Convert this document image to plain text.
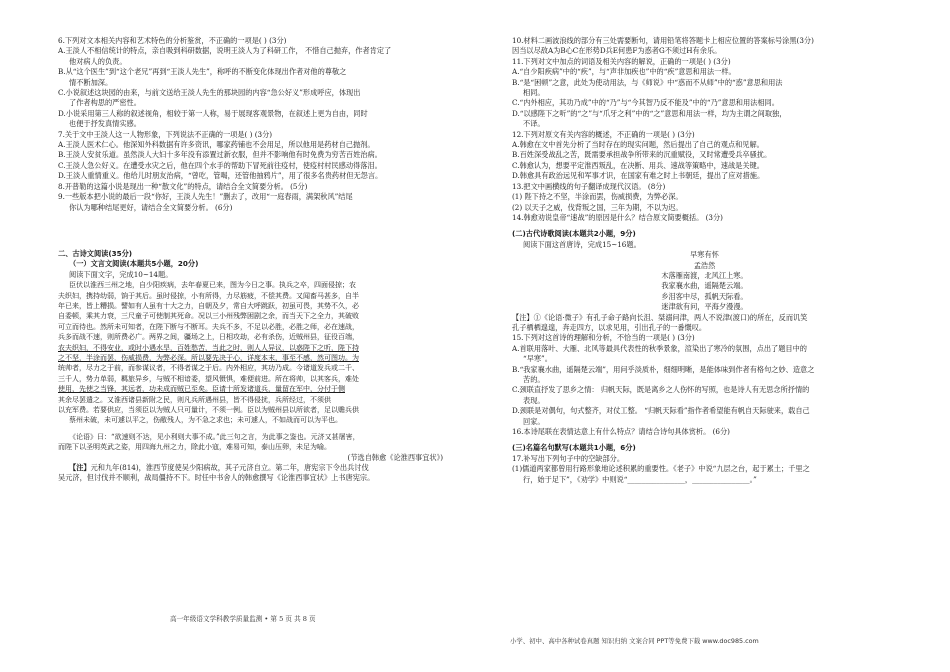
6.下列对文本相关内容和艺术特色的分析鉴赏，不正确的一项是( ) (3分)

A.王淡人不相信统计的特点，亲自吸到科研数据，说明王淡人为了科研工作， 不惜自己抛弃，作者肯定了

他对病人的负责。

B.从“这个医生”到“这个老兄”再到“王淡人先生”，称呼的不断变化体现出作者对他的尊敬之

情不断加深。

C.小说叙述这块园的由来，与前文送给王淡人先生的那块园的内容“急公好义”形成呼应，体现出

了作者构思的严密性。

D.小说采用第三人称的叙述视角，相较于第一人称，易于展现客观景物，在叙述上更为自由，同时

也便于抒发真情实感。

7.关于文中王淡人这一人物形象，下列说法不正确的一项是( ) (3分)

A.王淡人医术仁心。他深知外科数据有许多资讯，哪家药铺也不会用足，所以他用是药材自己抛剂。

B.王淡人安贫乐道。虽然淡人大妇十多年没有添置过新衣服，但并不影响他有时免费为穷苦百姓治病。

C.王淡人急公好义。在遭受水灾之后，他在四个水手的帮助下冒死前往疫村，使疫村村民感动得落泪。

D.王淡人重情重义。他给儿时朋友治病，“曾吃，管喝，还管他抽鸦片”，用了很多名贵药材但无怨言。

8.开普勒的这篇小说是现出一种“散文化”的特点，请结合全文简要分析。 (5分)

9.一些版本把小说的最后一段“你好，王淡人先生！”删去了，改用“一庭春雨，满架秋风”结尾

你认为哪种结尾更好，请结合全文简要分析。 (6分)

二、古诗文阅读(35分)

（一）文言文阅读(本题共5小题，20分)

阅读下面文字，完成10~14题。

臣伏以淮西三州之地，自少阳疾病，去年春夏已来，图为今日之事。执兵之卒，四面侵掠；农

夫织妇，携持幼弱，饷于其后。虽时侵掠，小有所得，力尽筋疲，不偿其费。又闻畜马甚多，自半

年已来，皆上糟损。譬如有人虽有十大之力，自朝及夕，常自大呼跳跃，初虽可畏，其势不久，必

自委顿，乘其力衰，三尺童子可使制其死命。况以三小州残弊困剧之余，而当天下之全力，其破败

可立而待也。然所未可知者，在陛下断与不断耳。夫兵不多，不足以必胜，必胜之师，必在速战，

兵多而战不速，则所费必广。两界之间，疆场之上，日相攻劫，必有杀伤，近贼州县，征役百端，

农夫织妇，不得安业，或时小遇水旱，百姓愁苦，当此之时，则人人异议，以惑陛下之听，陛下持

之不坚，半涂而罢，伤威损费，为弊必深。所以要先决于心，详度本末，事至不感，然可图功。为

统帅者，尽力之于前，而参谋议者，不得者谋之于后。内外相应，其功乃成。今诸道发兵或二千、

三千人，势力单弱，羁旅异乡，与贼不相谙委，望风慑惧，难便前进。所在将帅，以其客兵，难处

使用，先使之当锋，其远者，功未成而贼已至矣。臣请十所发诸道兵，量留在军中，分付于侧

其余尽罢遣之。又淮西诸县新附之民，则凡兵所遇州县，皆不得侵扰，兵所经过，不须供

以充军费。若要供应，当须臣以为贼人只可量计，不须一例。臣以为贼州县以所欲者，足以赡兵供

蔡州未破，未可遽以平之，伤敝残人，为不急之求也；未可遽人，不如战而可以为平也。

《论语》曰：“欲速则不达，见小利则大事不成。”此三句之言，为此事之鉴也。元济又甚屠害，

而陛下以圣明英武之姿，用四海九州之力，除此小寇，难易可知，泰山压卵，未足为喻。

(节选自韩愈《论淮西事宜状》)

【注】元和九年(814)，淮西节度使吴少阳病故，其子元济自立。第二年，唐宪宗下令出兵讨伐

吴元济，但讨伐并不顺利，战局僵持不下。时任中书舍人的韩愈撰写《论淮西事宜状》上书唐宪宗。

高一年级语文学科教学质量监测 • 第 5 页 共 8 页

10.材料二画波浪线的部分有三处需要断句，请用铅笔将答题卡上相应位置的答案标号涂黑(3分)

因当以尽敌A为B心C在形势D兵E何患F为惑者G不须过H有余乐。

11.下列对文中加点的词语及相关内容的解说，正确的一项是( ) (3分)

A.“自少阳疾病”中的“疾”，与“声非加疾也”中的“疾”意思和用法一样。

B.“是“困顿”之意，此处为使动用法，与《师说》中“惑而不从师”中的“惑”意思和用法

相同。

C.“内外相应，其功乃成”中的“乃”与“今其智乃反不能及”中的“乃”意思和用法相同。

D.“以感陛下之听”的“之”与“爪牙之利”中的“之”意思和用法一样，均为主谓之间取独，

不译。

12.下列对原文有关内容的概述，不正确的一项是( ) (3分)

A.韩愈在文中首先分析了当时存在的现实问题，然后提出了自己的观点和见解。

B.百姓深受战乱之苦，既需要承担战争所带来的沉重赋役，又时常遭受兵卒骚扰。

C.韩愈认为，想要平定淮西叛乱，在决断、用兵、速战等策略中，速战是关键。

D.韩愈具有政治远见和军事才识，在国家有难之时上书朝廷，提出了应对措施。

13.把文中画横线的句子翻译成现代汉语。 (8分)

(1) 陛下持之不坚，半涂而罢，伤威损费，为弊必深。

(2) 以天子之威，伐背叛之国，三年为期，不以为迟。

14.韩愈劝说皇帝“速战”的原因是什么？结合原文简要概括。 (3分)

(二)古代诗歌阅读(本题共2小题，9分)

阅读下面这首唐诗，完成15~16题。

早寒有怀

孟浩然

木落雁南渡，北风江上寒。

我家襄水曲，遥隔楚云端。

乡泪客中尽，孤帆天际看。

迷津欲有问，平海夕漫漫。

【注】①《论语·微子》有孔子命子路向长沮、桀溺问津，两人不说津(渡口)的所在，反而讥笑

孔子栖栖遑遑，奔走四方，以求见用，引出孔子的一番慨叹。

15.下列对这首诗的理解和分析，不恰当的一项是( ) (3分)

A.首联用落叶、大雁、北风等最具代表性的秋季景象，渲染出了寒冷的氛围，点出了题目中的

“早寒”。

B.“我家襄水曲，遥隔楚云端”，用问乎淡质朴，细细明晰，是能体味到作者有格句之妙、造意之

苦的。

C.颈联直抒发了思乡之情： 归帆天际，既是离乡之人伤怀的写照，也是诗人有无思念所抒情的

表现。

D.颈联是对偶句，句式整齐，对仗工整。 “归帆天际看”指作者希望能有帆自天际驶来，载自己

回家。

16.本诗尾联在表情达意上有什么特点？请结合诗句具体赏析。 (6分)

(三)名篇名句默写(本题共1小题，6分)

17.补写出下列句子中的空缺部分。

(1)儒道两家都曾用行路形象地论述积累的重要性。《老子》中说“九层之台，起于累土；千里之

行，始于足下”，《劝学》中则说“________________，________________。”

小学、初中、高中各种试卷真题 知识归纳 文案合同 PPT等免费下载 www.doc985.com
